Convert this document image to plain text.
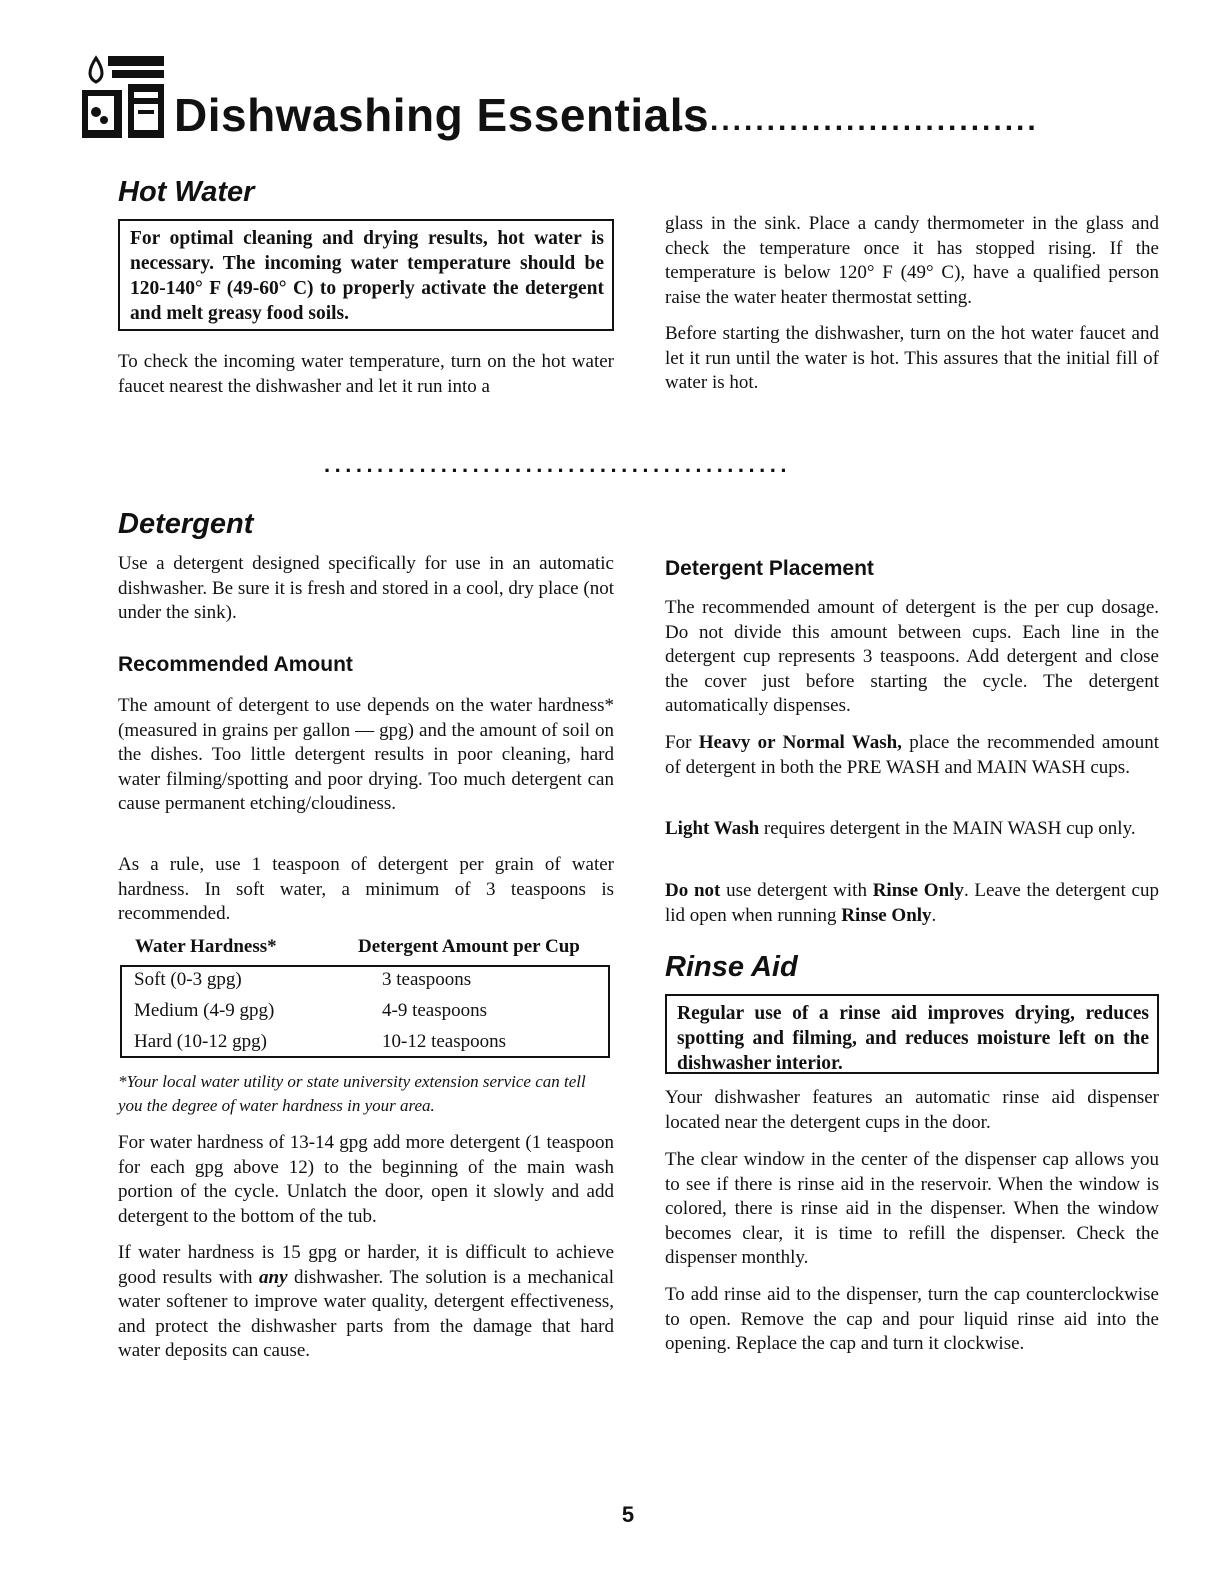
Dishwashing Essentials
................................
Hot Water
For optimal cleaning and drying results, hot water is necessary. The incoming water temperature should be 120-140° F (49-60° C) to properly activate the detergent and melt greasy food soils.

To check the incoming water temperature, turn on the hot water faucet nearest the dishwasher and let it run into a

glass in the sink. Place a candy thermometer in the glass and check the temperature once it has stopped rising. If the temperature is below 120° F (49° C), have a qualified person raise the water heater thermostat setting.

Before starting the dishwasher, turn on the hot water faucet and let it run until the water is hot. This assures that the initial fill of water is hot.

............................................
Detergent

Use a detergent designed specifically for use in an automatic dishwasher. Be sure it is fresh and stored in a cool, dry place (not under the sink).

Recommended Amount

The amount of detergent to use depends on the water hardness* (measured in grains per gallon — gpg) and the amount of soil on the dishes. Too little detergent results in poor cleaning, hard water filming/spotting and poor drying. Too much detergent can cause permanent etching/cloudiness.

As a rule, use 1 teaspoon of detergent per grain of water hardness. In soft water, a minimum of 3 teaspoons is recommended.

Water Hardness*	Detergent Amount per Cup
Soft (0-3 gpg)	3 teaspoons
Medium (4-9 gpg)	4-9 teaspoons
Hard (10-12 gpg)	10-12 teaspoons

*Your local water utility or state university extension service can tell you the degree of water hardness in your area.

For water hardness of 13-14 gpg add more detergent (1 teaspoon for each gpg above 12) to the beginning of the main wash portion of the cycle. Unlatch the door, open it slowly and add detergent to the bottom of the tub.

If water hardness is 15 gpg or harder, it is difficult to achieve good results with any dishwasher. The solution is a mechanical water softener to improve water quality, detergent effectiveness, and protect the dishwasher parts from the damage that hard water deposits can cause.

Detergent Placement

The recommended amount of detergent is the per cup dosage. Do not divide this amount between cups. Each line in the detergent cup represents 3 teaspoons. Add detergent and close the cover just before starting the cycle. The detergent automatically dispenses.

For Heavy or Normal Wash, place the recommended amount of detergent in both the PRE WASH and MAIN WASH cups.

Light Wash requires detergent in the MAIN WASH cup only.

Do not use detergent with Rinse Only. Leave the detergent cup lid open when running Rinse Only.

Rinse Aid
Regular use of a rinse aid improves drying, reduces spotting and filming, and reduces moisture left on the dishwasher interior.

Your dishwasher features an automatic rinse aid dispenser located near the detergent cups in the door.

The clear window in the center of the dispenser cap allows you to see if there is rinse aid in the reservoir. When the window is colored, there is rinse aid in the dispenser. When the window becomes clear, it is time to refill the dispenser. Check the dispenser monthly.

To add rinse aid to the dispenser, turn the cap counterclockwise to open. Remove the cap and pour liquid rinse aid into the opening. Replace the cap and turn it clockwise.

5
